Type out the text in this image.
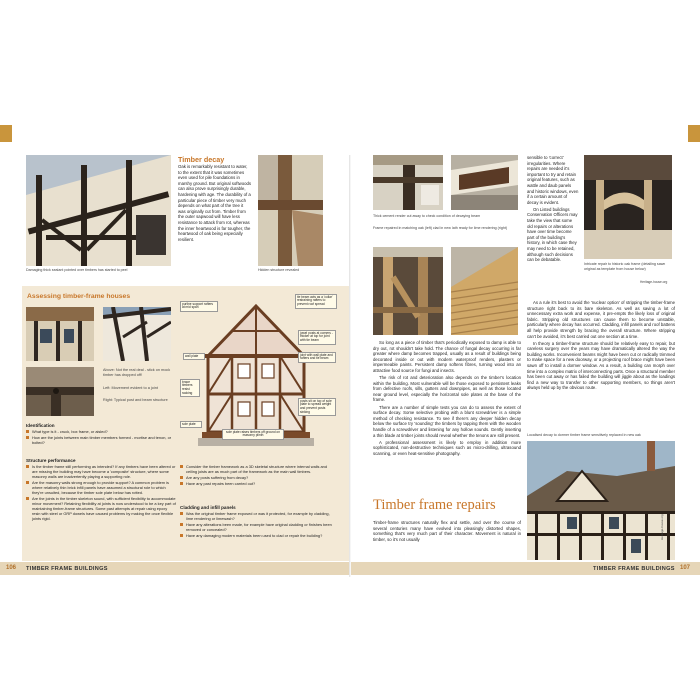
Damaging thick sealant pointed over timbers has started to peel
Timber decay

Oak is remarkably resistant to water, to the extent that it was sometimes even used for pile foundations in marshy ground. But original softwoods can also prove surprisingly durable, hardening with age. The durability of a particular piece of timber very much depends on what part of the tree it was originally cut from. Timber from the outer sapwood will have less resistance to attack from rot, whereas the inner heartwood is far tougher, the heartwood of oak being especially resilient.

Hidden structure revealed
Assessing timber-frame houses
Above: Not the real deal - stick on mock timber has dropped off!
Left: Movement evident to a joint
Right: Typical post and beam structure
purline support rafters at mid span
tie beam acts as a 'collar' restraining rafters to prevent roof spread
wall plate
brace timbers resist racking
jowel posts at corners - thicker at top for joint with tie beam
joint with wall plate and rafters and tie beam
posts sit on top of sole plate to spread weight and prevent posts sinking
sole plate
sole plate raises timbers off ground on masonry plinth
Identification
What type is it - cruck, box frame, or aisled?
How are the joints between main timber members formed - mortise and tenon, or bolted?
Structure performance
Is the timber frame still performing as intended? If any timbers have been altered or are missing the building may have become a 'composite' structure, where some masonry walls are inadvertently playing a supporting role.
Are the masonry walls strong enough to provide support? A common problem is where relatively thin brick infill panels have assumed a structural role to which they're unsuited, because the timber sole plate below has rotted.
Are the joints in the timber skeleton sound, with sufficient flexibility to accommodate minor movement? Retaining flexibility at joints is now understood to be a key part of maintaining timber-frame structures. Some past attempts at repair using epoxy resin with steel or GRP dowels have caused problems by making the once flexible joints rigid.
Consider the timber framework as a 3D skeletal structure where internal walls and ceiling joists are as much part of the framework as the main wall timbers.
Are any posts suffering from decay?
Have any past repairs been carried out?
Cladding and infill panels
Was the original timber frame exposed or was it protected, for example by cladding, lime rendering or limewash?
Have any alterations been made, for example have original cladding or finishes been removed or concealed?
Have any damaging modern materials been used to clad or repair the building?
106 TIMBER FRAME BUILDINGS
Thick cement render cut away to check condition of decaying beam
Frame repaired in matching oak (left) clad in new lath ready for lime rendering (right)

sensible to 'correct' irregularities. Where repairs are needed it's important to try and retain original features, such as wattle and daub panels and historic windows, even if a certain amount of decay is evident.

On Listed buildings Conservation Officers may take the view that some old repairs or alterations have over time become part of the building's history, in which case they may need to be retained, although such decisions can be debatable.

Intricate repair to historic oak frame (detailing sawn original as template from house below)
Heritage-house.org

So long as a piece of timber that's periodically exposed to damp is able to dry out, rot shouldn't take hold. The chance of fungal decay occurring is far greater where damp becomes trapped, usually as a result of buildings being decorated inside or out with modern waterproof renders, plasters or impermeable paints. Persistent damp softens fibres, turning wood into an attractive food source for fungi and insects.

The risk of rot and deterioration also depends on the timber's location within the building. Most vulnerable will be those exposed to persistent leaks from defective roofs, sills, gutters and downpipes, as well as those located near ground level, especially the horizontal sole plates at the base of the frame.

There are a number of simple tests you can do to assess the extent of surface decay. Some selective probing with a blunt screwdriver is a simple method of checking resistance. To see if there's any deeper hidden decay below the surface try 'sounding' the timbers by tapping them with the wooden handle of a screwdriver and listening for any hollow sounds. Gently inserting a thin blade at timber joints should reveal whether the tenons are still present.

A professional assessment is likely to employ in addition more sophisticated, non-destructive techniques such as micro-drilling, ultrasound scanning, or even heat-sensitive photography.

Timber frame repairs

Timber-frame structures naturally flex and settle, and over the course of several centuries many have evolved into pleasingly distorted shapes, something that's very much part of their character. Movement is natural in timber, so it's not usually

As a rule it's best to avoid the 'nuclear option' of stripping the timber-frame structure right back to its bare skeleton. As well as saving a lot of unnecessary extra work and expense, it pre-empts the likely loss of original fabric. Stripping old structures can cause them to become unstable, particularly where decay has occurred. Cladding, infill panels and roof battens all help provide strength by bracing the overall structure. Where stripping can't be avoided, it's best carried out one section at a time.

In theory a timber-frame structure should be relatively easy to repair, but careless surgery over the years may have dramatically altered the way the building works. Inconvenient beams might have been cut or radically trimmed to make space for a new doorway, or a projecting roof brace might have been sawn off to install a dormer window. As a result, a building can morph over time into a complex matrix of interconnecting parts. Once a structural member has been cut away or has failed the building will jiggle about as the loadings find a new way to transfer to other supporting members, so things aren't always held up by the obvious route.

Localised decay to dormer timber frame sensitively replaced in new oak
Heritage-house.org
TIMBER FRAME BUILDINGS 107
